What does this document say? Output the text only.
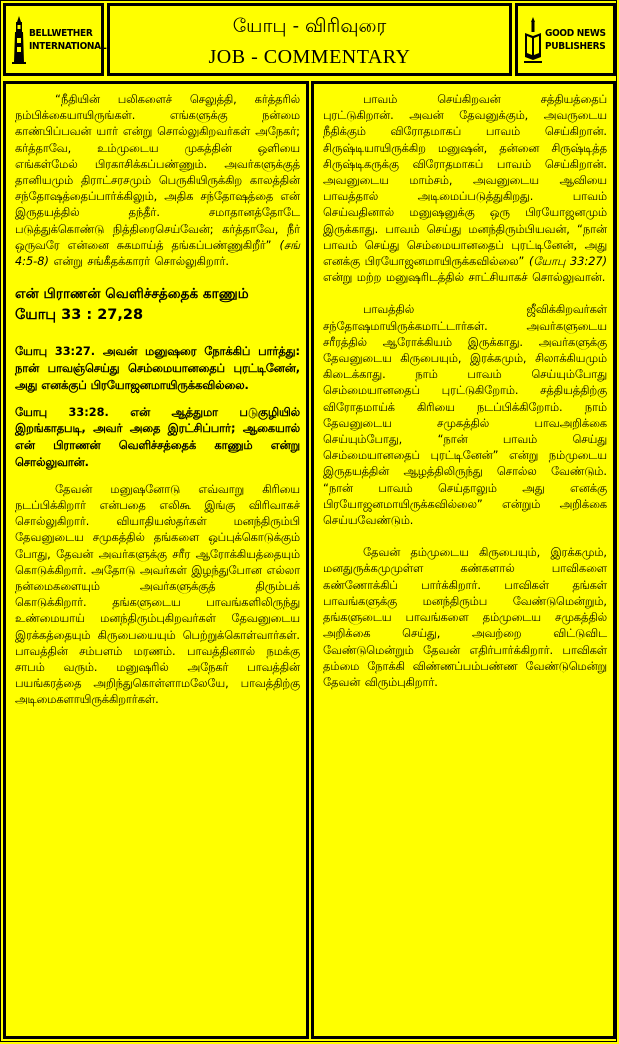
BELLWETHER
INTERNATIONAL
யோபு - விரிவுரை
JOB - COMMENTARY
GOOD NEWS
PUBLISHERS

“நீதியின் பலிகளைச் செலுத்தி, கர்த்தரில் நம்பிக்கையாயிருங்கள். எங்களுக்கு நன்மை காண்பிப்பவன் யார் என்று சொல்லுகிறவர்கள் அநேகர்; கர்த்தாவே, உம்முடைய முகத்தின் ஒளியை எங்கள்மேல் பிரகாசிக்கப்பண்ணும். அவர்களுக்குத் தானியமும் திராட்சரசமும் பெருகியிருக்கிற காலத்தின் சந்தோஷத்தைப்பார்க்கிலும், அதிக சந்தோஷத்தை என் இருதயத்தில் தந்தீர். சமாதானத்தோடே படுத்துக்கொண்டு நித்திரைசெய்வேன்; கர்த்தாவே, நீர் ஒருவரே என்னை சுகமாய்த் தங்கப்பண்ணுகிறீர்” (சங் 4:5-8) என்று சங்கீதக்காரர் சொல்லுகிறார்.

என் பிராணன் வெளிச்சத்தைக் காணும்
யோபு 33 : 27,28

யோபு 33:27. அவன் மனுஷரை நோக்கிப் பார்த்து: நான் பாவஞ்செய்து செம்மையானதைப் புரட்டினேன், அது எனக்குப் பிரயோஜனமாயிருக்கவில்லை.

யோபு 33:28. என் ஆத்துமா படுகுழியில் இறங்காதபடி, அவர் அதை இரட்சிப்பார்; ஆகையால் என் பிராணன் வெளிச்சத்தைக் காணும் என்று சொல்லுவான்.

தேவன் மனுஷனோடு எவ்வாறு கிரியை நடப்பிக்கிறார் என்பதை எலிகூ இங்கு விரிவாகச் சொல்லுகிறார். வியாதியஸ்தர்கள் மனந்திரும்பி தேவனுடைய சமுகத்தில் தங்களை ஒப்புக்கொடுக்கும் போது, தேவன் அவர்களுக்கு சரீர ஆரோக்கியத்தையும் கொடுக்கிறார். அதோடு அவர்கள் இழந்துபோன எல்லா நன்மைகளையும் அவர்களுக்குத் திரும்பக் கொடுக்கிறார். தங்களுடைய பாவங்களிலிருந்து உண்மையாய் மனந்திரும்புகிறவர்கள் தேவனுடைய இரக்கத்தையும் கிருபையையும் பெற்றுக்கொள்வார்கள். பாவத்தின் சம்பளம் மரணம். பாவத்தினால் நமக்கு சாபம் வரும். மனுஷரில் அநேகர் பாவத்தின் பயங்கரத்தை அறிந்துகொள்ளாமலேயே, பாவத்திற்கு அடிமைகளாயிருக்கிறார்கள்.

பாவம் செய்கிறவன் சத்தியத்தைப் புரட்டுகிறான். அவன் தேவனுக்கும், அவருடைய நீதிக்கும் விரோதமாகப் பாவம் செய்கிறான். சிருஷ்டியாயிருக்கிற மனுஷன், தன்னை சிருஷ்டித்த சிருஷ்டிகருக்கு விரோதமாகப் பாவம் செய்கிறான். அவனுடைய மாம்சம், அவனுடைய ஆவியை பாவத்தால் அடிமைப்படுத்துகிறது. பாவம் செய்வதினால் மனுஷனுக்கு ஒரு பிரயோஜனமும் இருக்காது. பாவம் செய்து மனந்திரும்பியவன், “நான் பாவம் செய்து செம்மையானதைப் புரட்டினேன், அது எனக்கு பிரயோஜனமாயிருக்கவில்லை” (யோபு 33:27) என்று மற்ற மனுஷரிடத்தில் சாட்சியாகச் சொல்லுவான்.

பாவத்தில் ஜீவிக்கிறவர்கள் சந்தோஷமாயிருக்கமாட்டார்கள். அவர்களுடைய சரீரத்தில் ஆரோக்கியம் இருக்காது. அவர்களுக்கு தேவனுடைய கிருபையும், இரக்கமும், சிலாக்கியமும் கிடைக்காது. நாம் பாவம் செய்யும்போது செம்மையானதைப் புரட்டுகிறோம். சத்தியத்திற்கு விரோதமாய்க் கிரியை நடப்பிக்கிறோம். நாம் தேவனுடைய சமுகத்தில் பாவஅறிக்கை செய்யும்போது, “நான் பாவம் செய்து செம்மையானதைப் புரட்டினேன்” என்று நம்முடைய இருதயத்தின் ஆழத்திலிருந்து சொல்ல வேண்டும். “நான் பாவம் செய்தாலும் அது எனக்கு பிரயோஜனமாயிருக்கவில்லை” என்றும் அறிக்கை செய்யவேண்டும்.

தேவன் தம்முடைய கிருபையும், இரக்கமும், மனதுருக்கமுமுள்ள கண்களால் பாவிகளை கண்ணோக்கிப் பார்க்கிறார். பாவிகள் தங்கள் பாவங்களுக்கு மனந்திரும்ப வேண்டுமென்றும், தங்களுடைய பாவங்களை தம்முடைய சமுகத்தில் அறிக்கை செய்து, அவற்றை விட்டுவிட வேண்டுமென்றும் தேவன் எதிர்பார்க்கிறார். பாவிகள் தம்மை நோக்கி விண்ணப்பம்பண்ண வேண்டுமென்று தேவன் விரும்புகிறார்.
